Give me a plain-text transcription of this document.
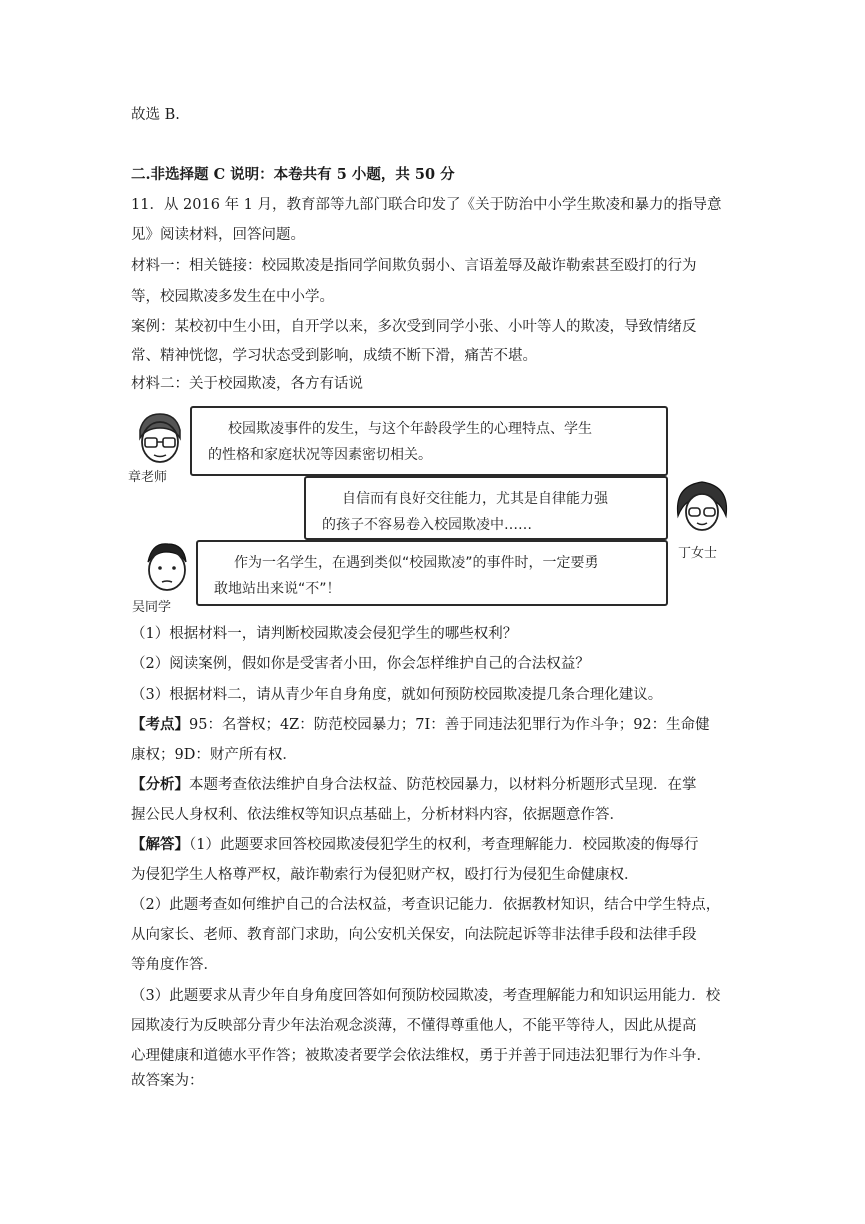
故选 B.
二.非选择题 C 说明：本卷共有 5 小题，共 50 分
11．从 2016 年 1 月，教育部等九部门联合印发了《关于防治中小学生欺凌和暴力的指导意
见》阅读材料，回答问题。
材料一：相关链接：校园欺凌是指同学间欺负弱小、言语羞辱及敲诈勒索甚至殴打的行为
等，校园欺凌多发生在中小学。
案例：某校初中生小田，自开学以来，多次受到同学小张、小叶等人的欺凌，导致情绪反
常、精神恍惚，学习状态受到影响，成绩不断下滑，痛苦不堪。
材料二：关于校园欺凌，各方有话说
章老师
校园欺凌事件的发生，与这个年龄段学生的心理特点、学生
的性格和家庭状况等因素密切相关。
自信而有良好交往能力，尤其是自律能力强
的孩子不容易卷入校园欺凌中……
丁女士
吴同学
作为一名学生，在遇到类似“校园欺凌”的事件时，一定要勇
敢地站出来说“不”！
（1）根据材料一，请判断校园欺凌会侵犯学生的哪些权利？
（2）阅读案例，假如你是受害者小田，你会怎样维护自己的合法权益？
（3）根据材料二，请从青少年自身角度，就如何预防校园欺凌提几条合理化建议。
【考点】95：名誉权；4Z：防范校园暴力；7I：善于同违法犯罪行为作斗争；92：生命健
康权；9D：财产所有权．
【分析】本题考查依法维护自身合法权益、防范校园暴力，以材料分析题形式呈现．在掌
握公民人身权利、依法维权等知识点基础上，分析材料内容，依据题意作答．
【解答】（1）此题要求回答校园欺凌侵犯学生的权利，考查理解能力．校园欺凌的侮辱行
为侵犯学生人格尊严权，敲诈勒索行为侵犯财产权，殴打行为侵犯生命健康权．
（2）此题考查如何维护自己的合法权益，考查识记能力．依据教材知识，结合中学生特点，
从向家长、老师、教育部门求助，向公安机关保安，向法院起诉等非法律手段和法律手段
等角度作答．
（3）此题要求从青少年自身角度回答如何预防校园欺凌，考查理解能力和知识运用能力．校
园欺凌行为反映部分青少年法治观念淡薄，不懂得尊重他人，不能平等待人，因此从提高
心理健康和道德水平作答；被欺凌者要学会依法维权，勇于并善于同违法犯罪行为作斗争．
故答案为：
